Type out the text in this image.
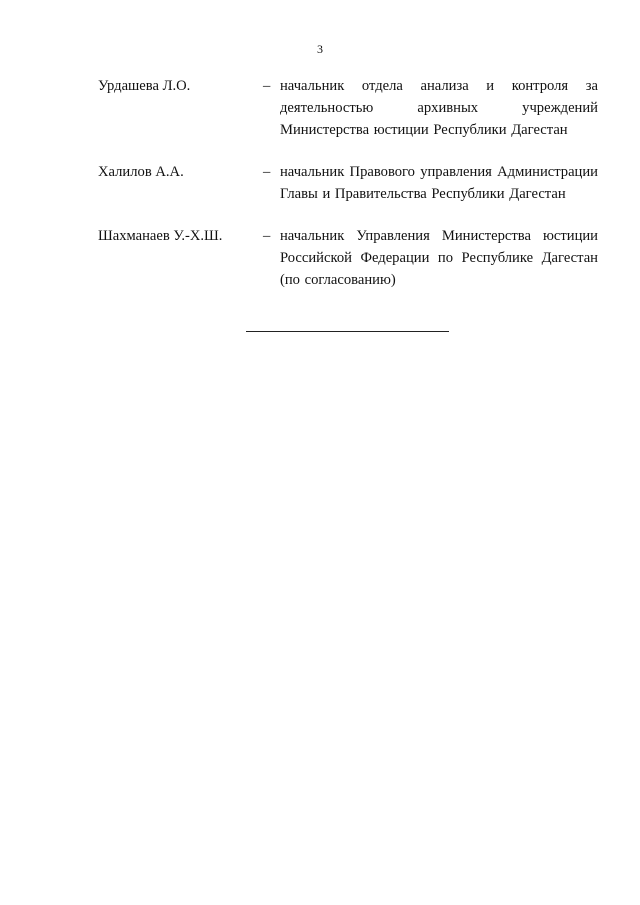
3
Урдашева Л.О.	– начальник отдела анализа и контроля за деятельностью архивных учреждений Министерства юстиции Республики Дагестан
Халилов А.А.	– начальник Правового управления Администрации Главы и Правительства Республики Дагестан
Шахманаев У.-Х.Ш.	– начальник Управления Министерства юстиции Российской Федерации по Республике Дагестан (по согласованию)
